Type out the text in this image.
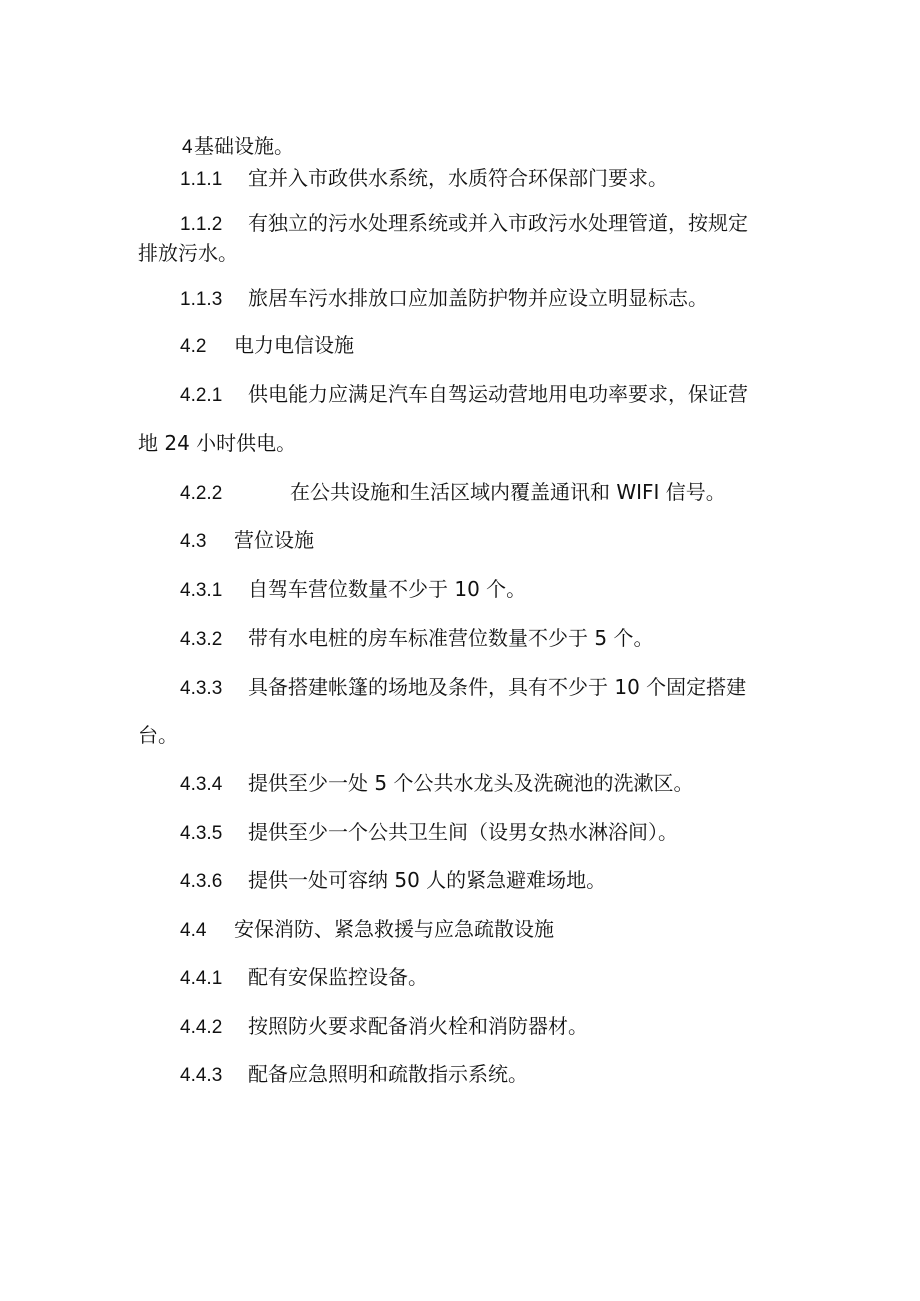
4基础设施。
1.1.1 宜并入市政供水系统，水质符合环保部门要求。
1.1.2 有独立的污水处理系统或并入市政污水处理管道，按规定
排放污水。
1.1.3 旅居车污水排放口应加盖防护物并应设立明显标志。
4.2 电力电信设施
4.2.1 供电能力应满足汽车自驾运动营地用电功率要求，保证营
地 24 小时供电。
4.2.2	在公共设施和生活区域内覆盖通讯和 WIFI 信号。
4.3 营位设施
4.3.1 自驾车营位数量不少于 10 个。
4.3.2 带有水电桩的房车标准营位数量不少于 5 个。
4.3.3 具备搭建帐篷的场地及条件，具有不少于 10 个固定搭建
台。
4.3.4 提供至少一处 5 个公共水龙头及洗碗池的洗漱区。
4.3.5 提供至少一个公共卫生间（设男女热水淋浴间）。
4.3.6 提供一处可容纳 50 人的紧急避难场地。
4.4 安保消防、紧急救援与应急疏散设施
4.4.1 配有安保监控设备。
4.4.2 按照防火要求配备消火栓和消防器材。
4.4.3 配备应急照明和疏散指示系统。
